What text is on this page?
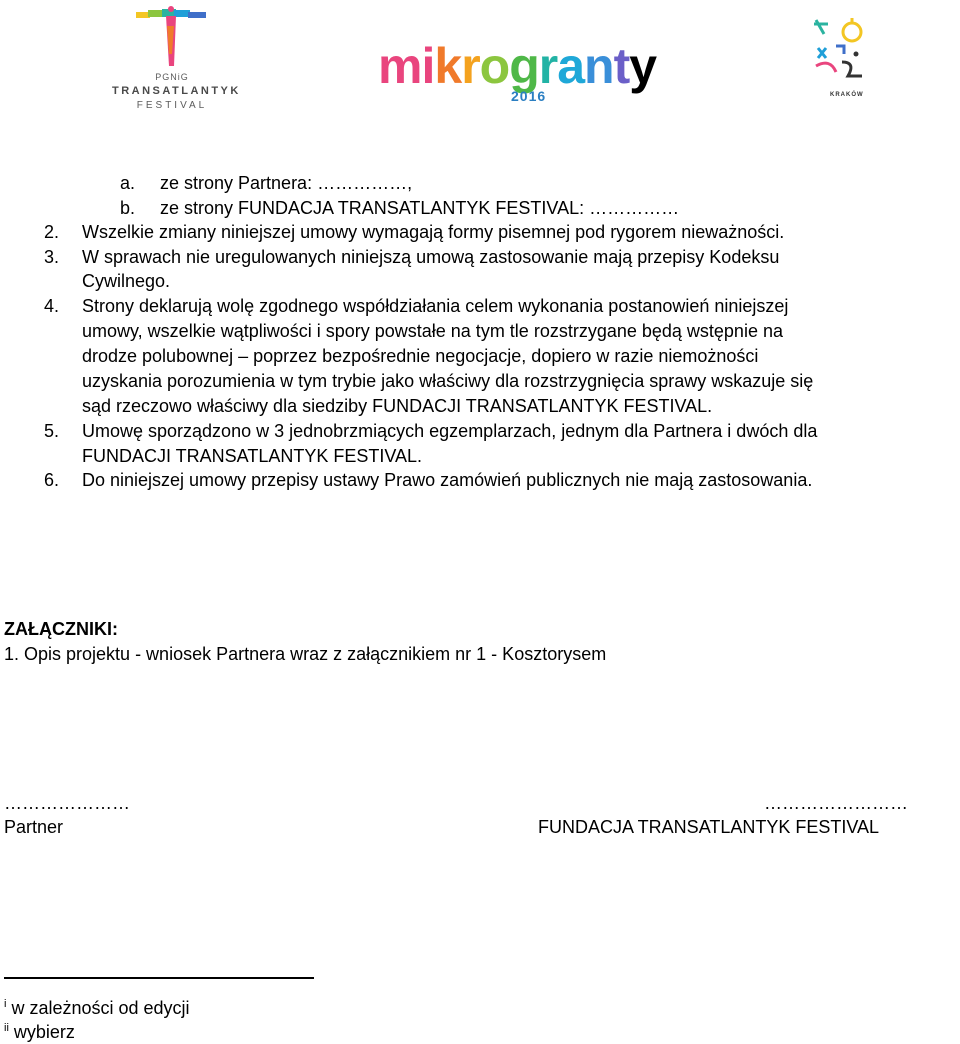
PGNiG
TRANSATLANTYK
FESTIVAL
mikrogranty
2016	KRAKÓW
a. ze strony Partnera: ……………,
b. ze strony FUNDACJA TRANSATLANTYK FESTIVAL: ……………
2. Wszelkie zmiany niniejszej umowy wymagają formy pisemnej pod rygorem nieważności.
3. W sprawach nie uregulowanych niniejszą umową zastosowanie mają przepisy Kodeksu
Cywilnego.
4. Strony deklarują wolę zgodnego współdziałania celem wykonania postanowień niniejszej
umowy, wszelkie wątpliwości i spory powstałe na tym tle rozstrzygane będą wstępnie na
drodze polubownej – poprzez bezpośrednie negocjacje, dopiero w razie niemożności
uzyskania porozumienia w tym trybie jako właściwy dla rozstrzygnięcia sprawy wskazuje się
sąd rzeczowo właściwy dla siedziby FUNDACJI TRANSATLANTYK FESTIVAL.
5. Umowę sporządzono w 3 jednobrzmiących egzemplarzach, jednym dla Partnera i dwóch dla
FUNDACJI TRANSATLANTYK FESTIVAL.
6. Do niniejszej umowy przepisy ustawy Prawo zamówień publicznych nie mają zastosowania.
ZAŁĄCZNIKI:
1. Opis projektu - wniosek Partnera wraz z załącznikiem nr 1 - Kosztorysem
…………………
Partner
……………………
FUNDACJA TRANSATLANTYK FESTIVAL
$^i$ w zależności od edycji
$^{ii}$ wybierz
